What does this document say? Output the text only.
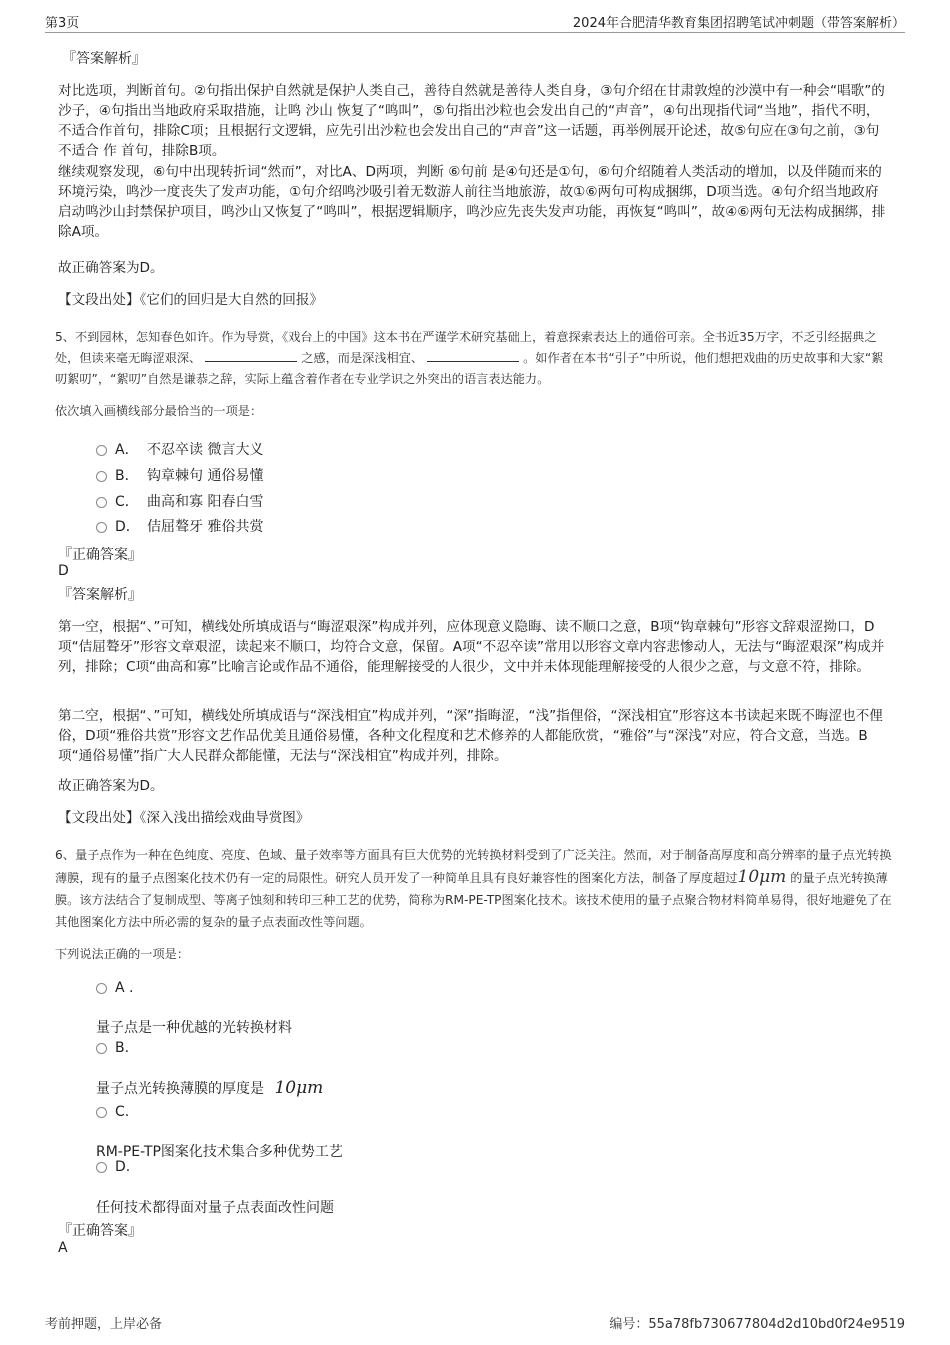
第3页	2024年合肥清华教育集团招聘笔试冲刺题（带答案解析）
『答案解析』
对比选项，判断首句。②句指出保护自然就是保护人类自己，善待自然就是善待人类自身，③句介绍在甘肃敦煌的沙漠中有一种会“唱歌”的沙子，④句指出当地政府采取措施，让鸣 沙山 恢复了“鸣叫”，⑤句指出沙粒也会发出自己的“声音”，④句出现指代词“当地”，指代不明，不适合作首句，排除C项；且根据行文逻辑，应先引出沙粒也会发出自己的“声音”这一话题，再举例展开论述，故⑤句应在③句之前，③句不适合 作 首句，排除B项。
继续观察发现，⑥句中出现转折词“然而”，对比A、D两项，判断 ⑥句前 是④句还是①句，⑥句介绍随着人类活动的增加，以及伴随而来的环境污染，鸣沙一度丧失了发声功能，①句介绍鸣沙吸引着无数游人前往当地旅游，故①⑥两句可构成捆绑，D项当选。④句介绍当地政府启动鸣沙山封禁保护项目，鸣沙山又恢复了“鸣叫”，根据逻辑顺序，鸣沙应先丧失发声功能，再恢复“鸣叫”，故④⑥两句无法构成捆绑，排除A项。
故正确答案为D。
【文段出处】《它们的回归是大自然的回报》
5、不到园林，怎知春色如许。作为导赏，《戏台上的中国》这本书在严谨学术研究基础上，着意探索表达上的通俗可亲。全书近35万字，不乏引经据典之处，但读来毫无晦涩艰深、	之感，而是深浅相宜、	。如作者在本书“引子”中所说，他们想把戏曲的历史故事和大家“絮叨絮叨”，“絮叨”自然是谦恭之辞，实际上蕴含着作者在专业学识之外突出的语言表达能力。
依次填入画横线部分最恰当的一项是：
A． 不忍卒读 微言大义
B． 钩章棘句 通俗易懂
C． 曲高和寡 阳春白雪
D． 佶屈聱牙 雅俗共赏
『正确答案』
D
『答案解析』
第一空，根据“、”可知，横线处所填成语与“晦涩艰深”构成并列，应体现意义隐晦、读不顺口之意，B项“钩章棘句”形容文辞艰涩拗口，D项“佶屈聱牙”形容文章艰涩，读起来不顺口，均符合文意，保留。A项“不忍卒读”常用以形容文章内容悲惨动人，无法与“晦涩艰深”构成并列，排除；C项“曲高和寡”比喻言论或作品不通俗，能理解接受的人很少，文中并未体现能理解接受的人很少之意，与文意不符，排除。
第二空，根据“、”可知，横线处所填成语与“深浅相宜”构成并列，“深”指晦涩，“浅”指俚俗，“深浅相宜”形容这本书读起来既不晦涩也不俚俗，D项“雅俗共赏”形容文艺作品优美且通俗易懂，各种文化程度和艺术修养的人都能欣赏，“雅俗”与“深浅”对应，符合文意，当选。B项“通俗易懂”指广大人民群众都能懂，无法与“深浅相宜”构成并列，排除。
故正确答案为D。
【文段出处】《深入浅出描绘戏曲导赏图》
6、量子点作为一种在色纯度、亮度、色域、量子效率等方面具有巨大优势的光转换材料受到了广泛关注。然而，对于制备高厚度和高分辨率的量子点光转换薄膜，现有的量子点图案化技术仍有一定的局限性。研究人员开发了一种简单且具有良好兼容性的图案化方法，制备了厚度超过10μm 的量子点光转换薄膜。该方法结合了复制成型、等离子蚀刻和转印三种工艺的优势，简称为RM-PE-TP图案化技术。该技术使用的量子点聚合物材料简单易得，很好地避免了在其他图案化方法中所必需的复杂的量子点表面改性等问题。
下列说法正确的一项是：
A .
量子点是一种优越的光转换材料
B.
量子点光转换薄膜的厚度是 10μm
C.
RM-PE-TP图案化技术集合多种优势工艺
D.
任何技术都得面对量子点表面改性问题
『正确答案』
A
考前押题，上岸必备	编号：55a78fb730677804d2d10bd0f24e9519
